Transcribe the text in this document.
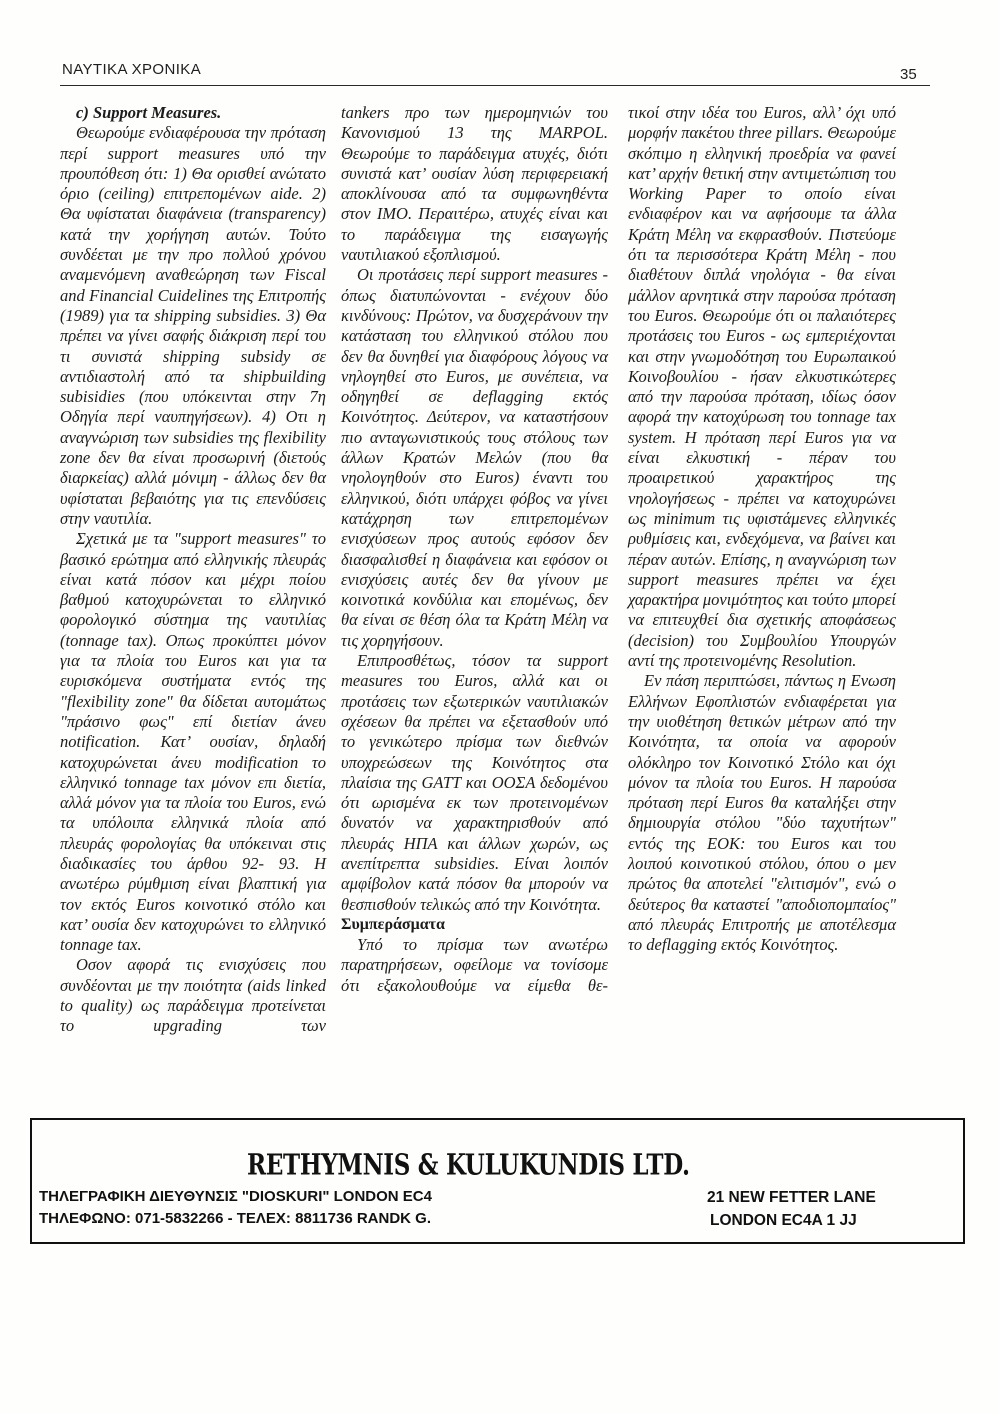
ΝΑΥΤΙΚΑ ΧΡΟΝΙΚΑ	35

c) Support Measures.

Θεωρούμε ενδιαφέρουσα την πρόταση περί support measures υπό την προυπόθεση ότι: 1) Θα ορισθεί ανώτατο όριο (ceiling) επιτρεπομένων aide. 2) Θα υφίσταται διαφάνεια (transparency) κατά την χορήγηση αυτών. Τούτο συνδέεται με την προ πολλού χρόνου αναμενόμενη αναθεώρηση των Fiscal and Financial Cuidelines της Επιτροπής (1989) για τα shipping subsidies. 3) Θα πρέπει να γίνει σαφής διάκριση περί του τι συνιστά shipping subsidy σε αντιδιαστολή από τα shipbuilding subisidies (που υπόκεινται στην 7η Οδηγία περί ναυπηγήσεων). 4) Οτι η αναγνώριση των subsidies της flexibility zone δεν θα είναι προσωρινή (διετούς διαρκείας) αλλά μόνιμη - άλλως δεν θα υφίσταται βεβαιότης για τις επενδύσεις στην ναυτιλία.

Σχετικά με τα "support measures" το βασικό ερώτημα από ελληνικής πλευράς είναι κατά πόσον και μέχρι ποίου βαθμού κατοχυρώνεται το ελληνικό φορολογικό σύστημα της ναυτιλίας (tonnage tax). Οπως προκύπτει μόνον για τα πλοία του Euros και για τα ευρισκόμενα συστήματα εντός της "flexibility zone" θα δίδεται αυτομάτως "πράσινο φως" επί διετίαν άνευ notification. Κατ’ ουσίαν, δηλαδή κατοχυρώνεται άνευ modification το ελληνικό tonnage tax μόνον επι διετία, αλλά μόνον για τα πλοία του Euros, ενώ τα υπόλοιπα ελληνικά πλοία από πλευράς φορολογίας θα υπόκειναι στις διαδικασίες του άρθου 92- 93. Η ανωτέρω ρύμθμιση είναι βλαπτική για τον εκτός Euros κοινοτικό στόλο και κατ’ ουσία δεν κατοχυρώνει το ελληνικό tonnage tax.

Οσον αφορά τις ενισχύσεις που συνδέονται με την ποιότητα (aids linked to quality) ως παράδειγμα προτείνεται το upgrading των

tankers προ των ημερομηνιών του Κανονισμού 13 της MARPOL. Θεωρούμε το παράδειγμα ατυχές, διότι συνιστά κατ’ ουσίαν λύση περιφερειακή αποκλίνουσα από τα συμφωνηθέντα στον IMO. Περαιτέρω, ατυχές είναι και το παράδειγμα της εισαγωγής ναυτιλιακού εξοπλισμού.

Οι προτάσεις περί support measures - όπως διατυπώνονται - ενέχουν δύο κινδύνους: Πρώτον, να δυσχεράνουν την κατάσταση του ελληνικού στόλου που δεν θα δυνηθεί για διαφόρους λόγους να νηλογηθεί στο Euros, με συνέπεια, να οδηγηθεί σε deflagging εκτός Κοινότητος. Δεύτερον, να καταστήσουν πιο ανταγωνιστικούς τους στόλους των άλλων Κρατών Μελών (που θα νηολογηθούν στο Euros) έναντι του ελληνικού, διότι υπάρχει φόβος να γίνει κατάχρηση των επιτρεπομένων ενισχύσεων προς αυτούς εφόσον δεν διασφαλισθεί η διαφάνεια και εφόσον οι ενισχύσεις αυτές δεν θα γίνουν με κοινοτικά κονδύλια και επομένως, δεν θα είναι σε θέση όλα τα Κράτη Μέλη να τις χορηγήσουν.

Επιπροσθέτως, τόσον τα support measures του Euros, αλλά και οι προτάσεις των εξωτερικών ναυτιλιακών σχέσεων θα πρέπει να εξετασθούν υπό το γενικώτερο πρίσμα των διεθνών υποχρεώσεων της Κοινότητος στα πλαίσια της GATT και ΟΟΣΑ δεδομένου ότι ωρισμένα εκ των προτεινομένων δυνατόν να χαρακτηρισθούν από πλευράς ΗΠΑ και άλλων χωρών, ως ανεπίτρεπτα subsidies. Είναι λοιπόν αμφίβολον κατά πόσον θα μπορούν να θεσπισθούν τελικώς από την Κοινότητα.

Συμπεράσματα

Υπό το πρίσμα των ανωτέρω παρατηρήσεων, οφείλομε να τονίσομε ότι εξακολουθούμε να είμεθα θε-

τικοί στην ιδέα του Euros, αλλ’ όχι υπό μορφήν πακέτου three pillars. Θεωρούμε σκόπιμο η ελληνική προεδρία να φανεί κατ’ αρχήν θετική στην αντιμετώπιση του Working Paper το οποίο είναι ενδιαφέρον και να αφήσουμε τα άλλα Κράτη Μέλη να εκφρασθούν. Πιστεύομε ότι τα περισσότερα Κράτη Μέλη - που διαθέτουν διπλά νηολόγια - θα είναι μάλλον αρνητικά στην παρούσα πρόταση του Euros. Θεωρούμε ότι οι παλαιότερες προτάσεις του Euros - ως εμπεριέχονται και στην γνωμοδότηση του Ευρωπαικού Κοινοβουλίου - ήσαν ελκυστικώτερες από την παρούσα πρόταση, ιδίως όσον αφορά την κατοχύρωση του tonnage tax system. Η πρόταση περί Euros για να είναι ελκυστική - πέραν του προαιρετικού χαρακτήρος της νηολογήσεως - πρέπει να κατοχυρώνει ως minimum τις υφιστάμενες ελληνικές ρυθμίσεις και, ενδεχόμενα, να βαίνει και πέραν αυτών. Επίσης, η αναγνώριση των support measures πρέπει να έχει χαρακτήρα μονιμότητος και τούτο μπορεί να επιτευχθεί δια σχετικής αποφάσεως (decision) του Συμβουλίου Υπουργών αντί της προτεινομένης Resolution.

Εν πάση περιπτώσει, πάντως η Ενωση Ελλήνων Εφοπλιστών ενδιαφέρεται για την υιοθέτηση θετικών μέτρων από την Κοινότητα, τα οποία να αφορούν ολόκληρο τον Κοινοτικό Στόλο και όχι μόνον τα πλοία του Euros. Η παρούσα πρόταση περί Euros θα καταλήξει στην δημιουργία στόλου "δύο ταχυτήτων" εντός της ΕΟΚ: του Euros και του λοιπού κοινοτικού στόλου, όπου ο μεν πρώτος θα αποτελεί "ελιτισμόν", ενώ ο δεύτερος θα καταστεί "αποδιοπομπαίος" από πλευράς Επιτροπής με αποτέλεσμα το deflagging εκτός Κοινότητος.

RETHYMNIS & KULUKUNDIS LTD.
ΤΗΛΕΓΡΑΦΙΚΗ ΔΙΕΥΘΥΝΣΙΣ "DIOSKURI" LONDON EC4
ΤΗΛΕΦΩΝΟ: 071-5832266 - ΤΕΛΕΧ: 8811736 RANDK G.
21 NEW FETTER LANE
LONDON EC4A 1 JJ
